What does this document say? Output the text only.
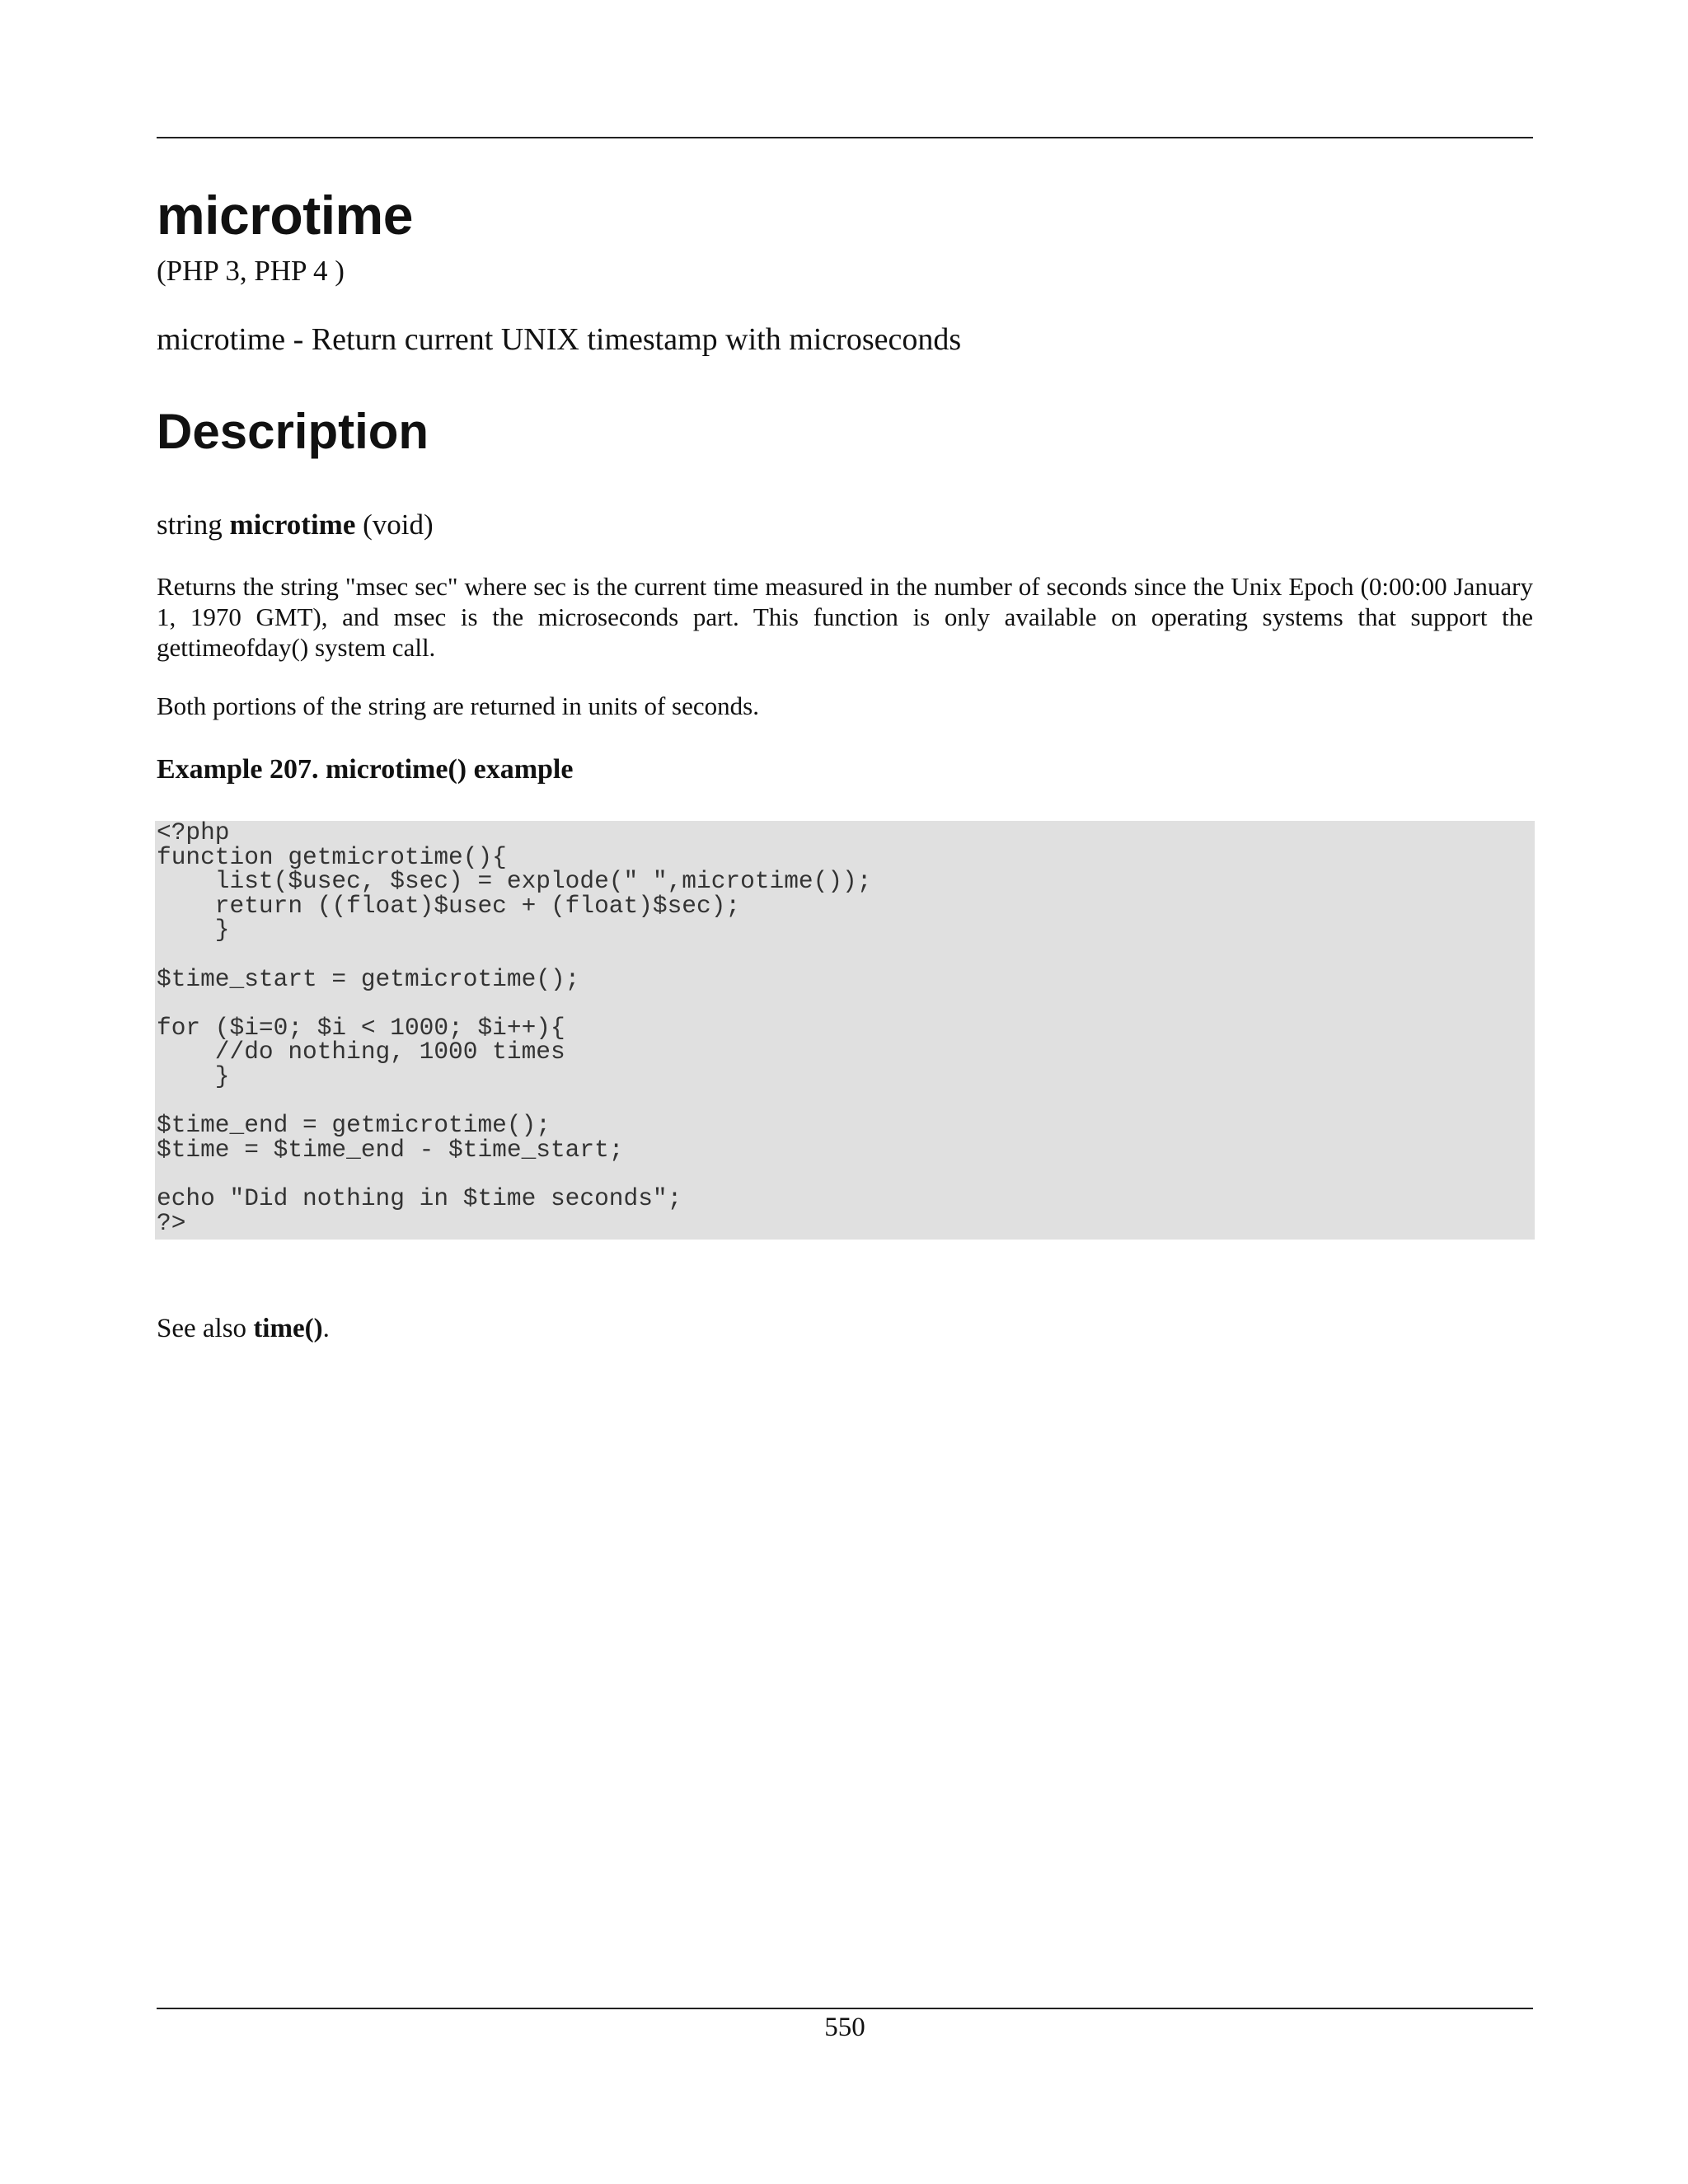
microtime
(PHP 3, PHP 4 )
microtime - Return current UNIX timestamp with microseconds
Description
string microtime (void)

Returns the string "msec sec" where sec is the current time measured in the number of seconds since the Unix Epoch (0:00:00 January 1, 1970 GMT), and msec is the microseconds part. This function is only available on operating systems that support the gettimeofday() system call.

Both portions of the string are returned in units of seconds.

Example 207. microtime() example
<?php
function getmicrotime(){
list($usec, $sec) = explode(" ",microtime());
return ((float)$usec + (float)$sec);
}

$time_start = getmicrotime();

for ($i=0; $i < 1000; $i++){
//do nothing, 1000 times
}

$time_end = getmicrotime();
$time = $time_end - $time_start;

echo "Did nothing in $time seconds";
?>
See also time().
550
